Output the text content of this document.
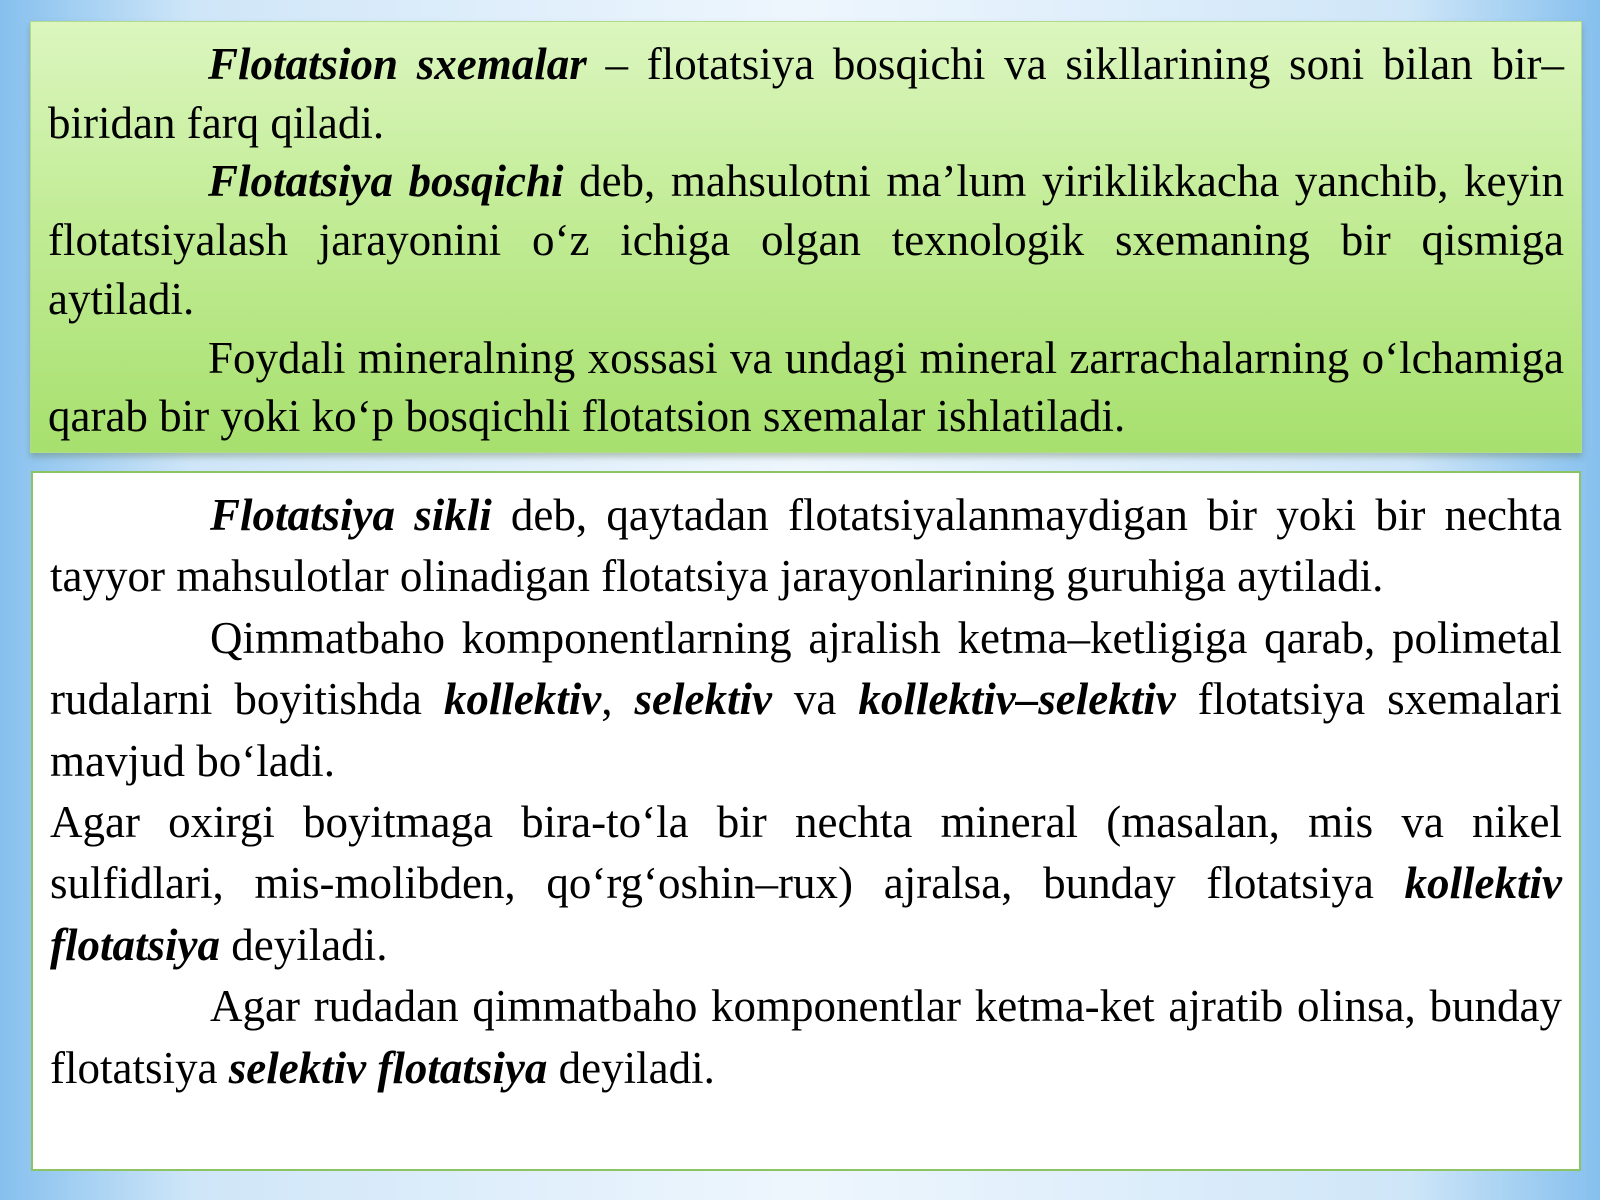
Flotatsion sxemalar – flotatsiya bosqichi va sikllarining soni bilan bir–biridan farq qiladi.

Flotatsiya bosqichi deb, mahsulotni ma’lum yiriklikkacha yanchib, keyin flotatsiyalash jarayonini o‘z ichiga olgan texnologik sxemaning bir qismiga aytiladi.

Foydali mineralning xossasi va undagi mineral zarrachalarning o‘lchamiga qarab bir yoki ko‘p bosqichli flotatsion sxemalar ishlatiladi.

Flotatsiya sikli deb, qaytadan flotatsiyalanmaydigan bir yoki bir nechta tayyor mahsulotlar olinadigan flotatsiya jarayonlarining guruhiga aytiladi.

Qimmatbaho komponentlarning ajralish ketma–ketligiga qarab, polimetal rudalarni boyitishda kollektiv, selektiv va kollektiv–selektiv flotatsiya sxemalari mavjud bo‘ladi.

Agar oxirgi boyitmaga bira-to‘la bir nechta mineral (masalan, mis va nikel sulfidlari, mis-molibden, qo‘rg‘oshin–rux) ajralsa, bunday flotatsiya kollektiv flotatsiya deyiladi.

Agar rudadan qimmatbaho komponentlar ketma-ket ajratib olinsa, bunday flotatsiya selektiv flotatsiya deyiladi.
